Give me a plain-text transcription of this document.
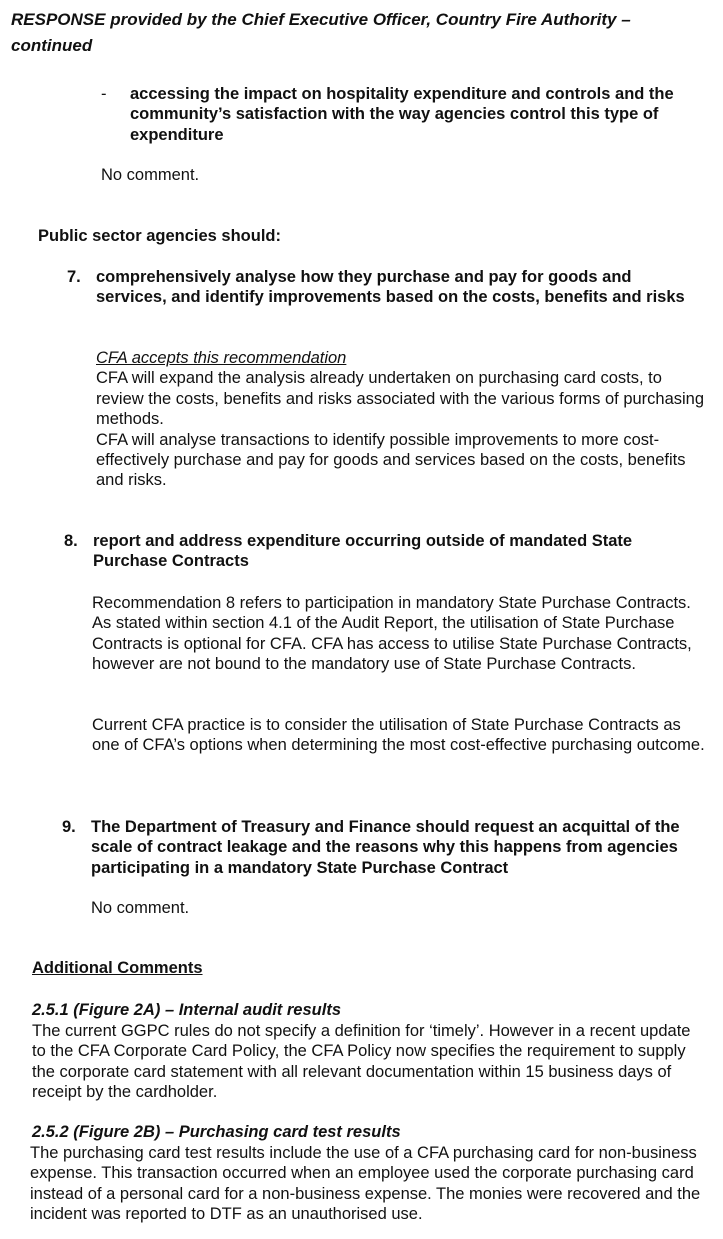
RESPONSE provided by the Chief Executive Officer, Country Fire Authority –
continued
- accessing the impact on hospitality expenditure and controls and the community’s satisfaction with the way agencies control this type of expenditure
No comment.
Public sector agencies should:
7. comprehensively analyse how they purchase and pay for goods and services, and identify improvements based on the costs, benefits and risks

CFA accepts this recommendation

CFA will expand the analysis already undertaken on purchasing card costs, to review the costs, benefits and risks associated with the various forms of purchasing methods.

CFA will analyse transactions to identify possible improvements to more cost-effectively purchase and pay for goods and services based on the costs, benefits and risks.

8. report and address expenditure occurring outside of mandated State Purchase Contracts
Recommendation 8 refers to participation in mandatory State Purchase Contracts. As stated within section 4.1 of the Audit Report, the utilisation of State Purchase Contracts is optional for CFA. CFA has access to utilise State Purchase Contracts, however are not bound to the mandatory use of State Purchase Contracts.
Current CFA practice is to consider the utilisation of State Purchase Contracts as one of CFA’s options when determining the most cost-effective purchasing outcome.
9. The Department of Treasury and Finance should request an acquittal of the scale of contract leakage and the reasons why this happens from agencies participating in a mandatory State Purchase Contract
No comment.
Additional Comments
2.5.1 (Figure 2A) – Internal audit results
The current GGPC rules do not specify a definition for ‘timely’. However in a recent update to the CFA Corporate Card Policy, the CFA Policy now specifies the requirement to supply the corporate card statement with all relevant documentation within 15 business days of receipt by the cardholder.
2.5.2 (Figure 2B) – Purchasing card test results
The purchasing card test results include the use of a CFA purchasing card for non-business expense. This transaction occurred when an employee used the corporate purchasing card instead of a personal card for a non-business expense. The monies were recovered and the incident was reported to DTF as an unauthorised use.
